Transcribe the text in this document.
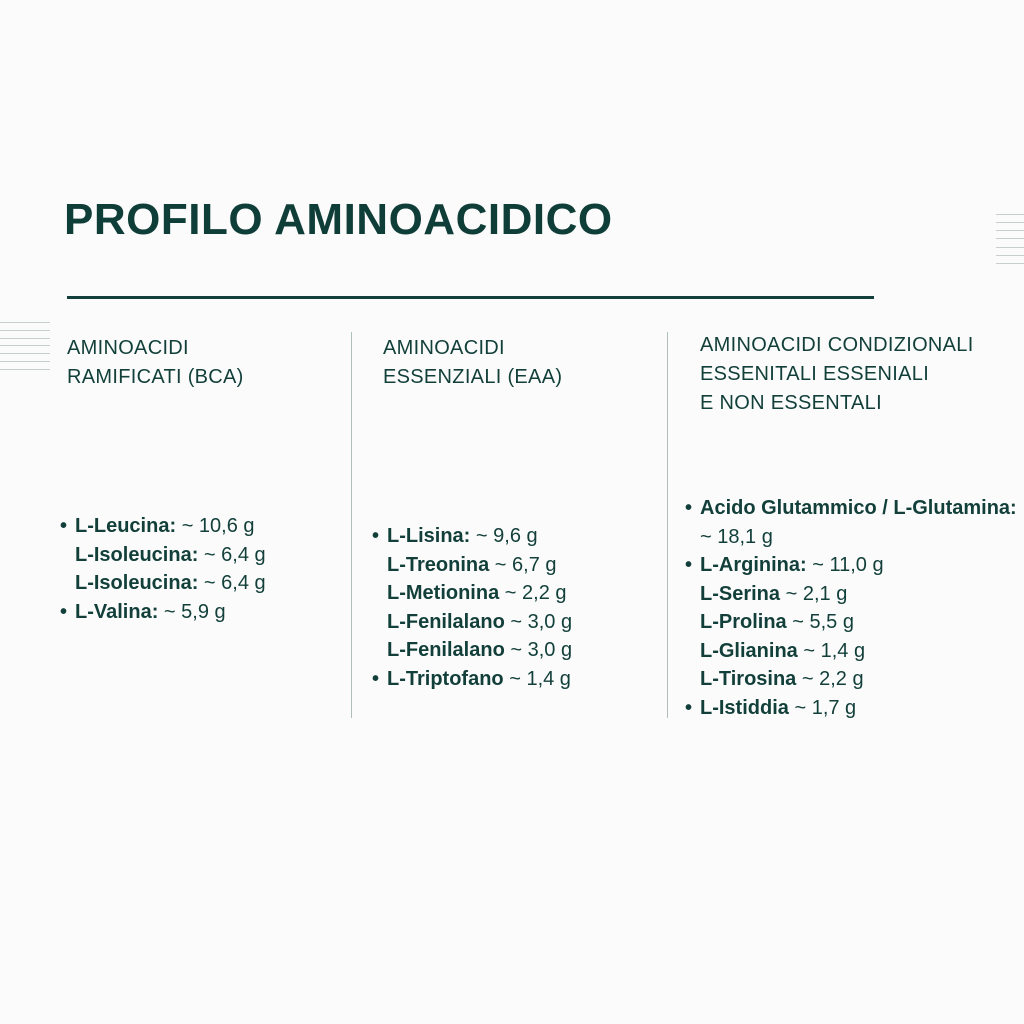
PROFILO AMINOACIDICO
AMINOACIDI
RAMIFICATI (BCA)
• L-Leucina: ~ 10,6 g
L-Isoleucina: ~ 6,4 g
L-Isoleucina: ~ 6,4 g
• L-Valina: ~ 5,9 g
AMINOACIDI
ESSENZIALI (EAA)
• L-Lisina: ~ 9,6 g
L-Treonina ~ 6,7 g
L-Metionina ~ 2,2 g
L-Fenilalano ~ 3,0 g
L-Fenilalano ~ 3,0 g
• L-Triptofano ~ 1,4 g
AMINOACIDI CONDIZIONALI
ESSENITALI ESSENIALI
E NON ESSENTALI
• Acido Glutammico / L-Glutamina:
~ 18,1 g
• L-Arginina: ~ 11,0 g
L-Serina ~ 2,1 g
L-Prolina ~ 5,5 g
L-Glianina ~ 1,4 g
L-Tirosina ~ 2,2 g
• L-Istiddia ~ 1,7 g
